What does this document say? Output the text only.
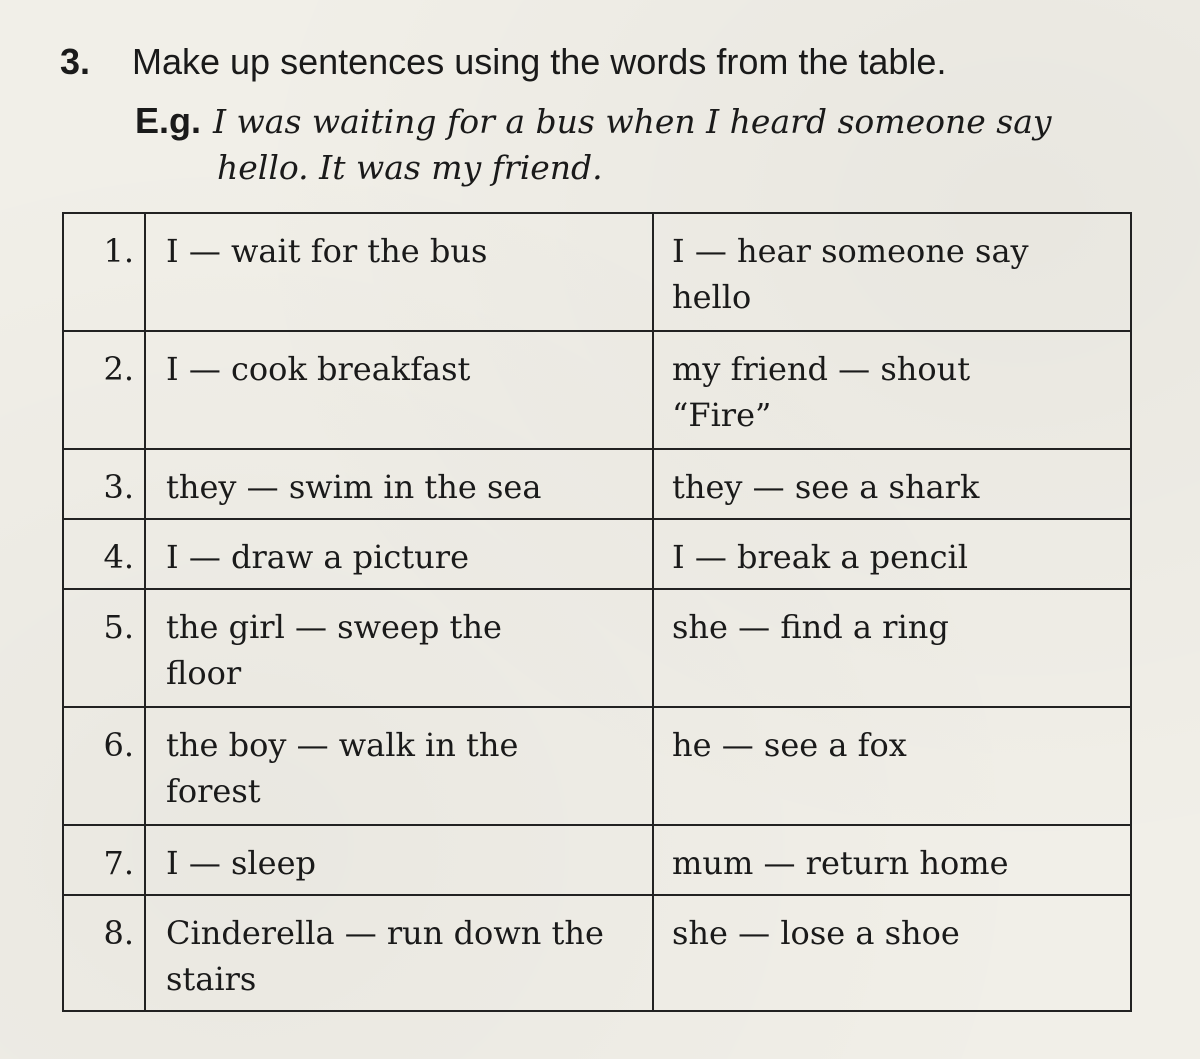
3.	Make up sentences using the words from the table.
E.g. I was waiting for a bus when I heard someone say
hello. It was my friend.
1.	I — wait for the bus	I — hear someone say hello

2.	I — cook breakfast	my friend — shout “Fire”

3.	they — swim in the sea	they — see a shark

4.	I — draw a picture	I — break a pencil

5.	the girl — sweep the floor	she — find a ring

6.	the boy — walk in the forest	he — see a fox

7.	I — sleep	mum — return home

8.	Cinderella — run down the stairs	she — lose a shoe
